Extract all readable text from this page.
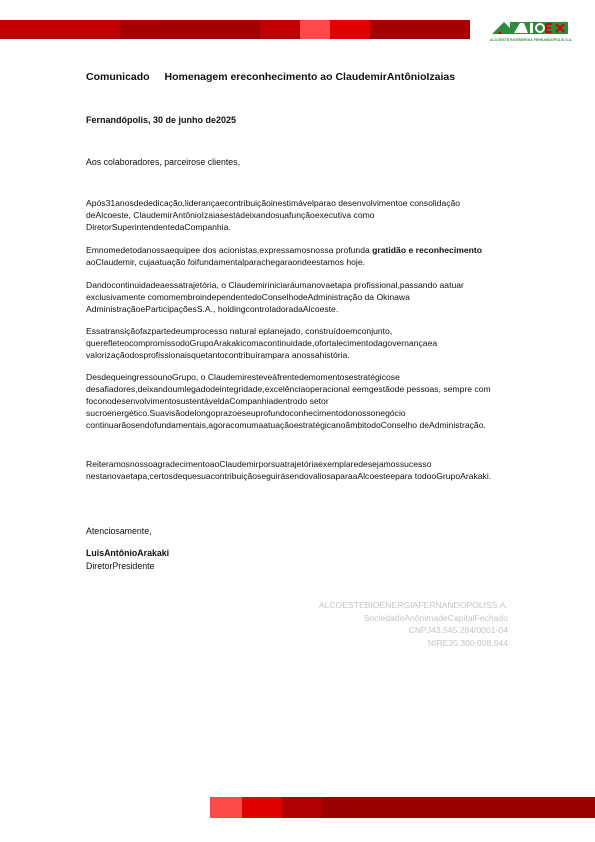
ALCOESTE BIOENERGIA FERNANDÓPOLIS S.A.
Comunicado Homenagem ereconhecimento ao ClaudemirAntônioIzaias
Fernandópolis, 30 de junho de2025
Aos colaboradores, parceirose clientes,
Após31anosdededicação,liderançaecontribuiçãoinestimávelparao desenvolvimentoe consolidação deAlcoeste, ClaudemirAntônioIzaiasestádeixandosuafunçãoexecutiva como DiretorSuperintendentedaCompanhia.
Emnomedetodanossaequipee dos acionistas,expressamosnossa profunda gratidão e reconhecimento aoClaudemir, cujaatuação foifundamentalparachegaraondeestamos hoje.
Dandocontinuidadeaessatrajetória, o Claudemiriniciaráumanovaetapa profissional,passando aatuar exclusivamente comomembroindependentedoConselhodeAdministração da Okinawa AdministraçãoeParticipaçõesS.A., holdingcontroladoradaAlcoeste.
Essatransiçãofazpartedeumprocesso natural eplanejado, construídoemconjunto, querefleteocompromissodoGrupoArakakicomacontinuidade,ofortalecimentodagovernançaea valorizaçãodosprofissionaisquetantocontribuírampara anossahistória.
DesdequeingressounoGrupo, o Claudemiresteveàfrentedemomentosestratégicose desafiadores,deixandoumlegadodeintegridade,excelênciaoperacional eemgestãode pessoas, sempre com foconodesenvolvimentosustentáveldaCompanhiadentrodo setor sucroenergético.Suavisãodelongoprazoeseuprofundoconhecimentodonossonegócio continuarãosendofundamentais,agoracomumaatuaçãoestratégicanoâmbitodoConselho deAdministração.
ReiteramosnossoagradecimentoaoClaudemirporsuatrajetóriaexemplaredesejamossucesso nestanovaetapa,certosdequesuacontribuiçãoseguirásendovaliosaparaaAlcoesteepara todooGrupoArakaki.
Atenciosamente,
LuisAntônioArakaki
DiretorPresidente
ALCOESTEBIOENERGIAFERNANDOPOLISS.A.
SociedadeAnônimadeCapitalFechado
CNPJ43.545.284/0001-04
NIRE35.300.008.944
